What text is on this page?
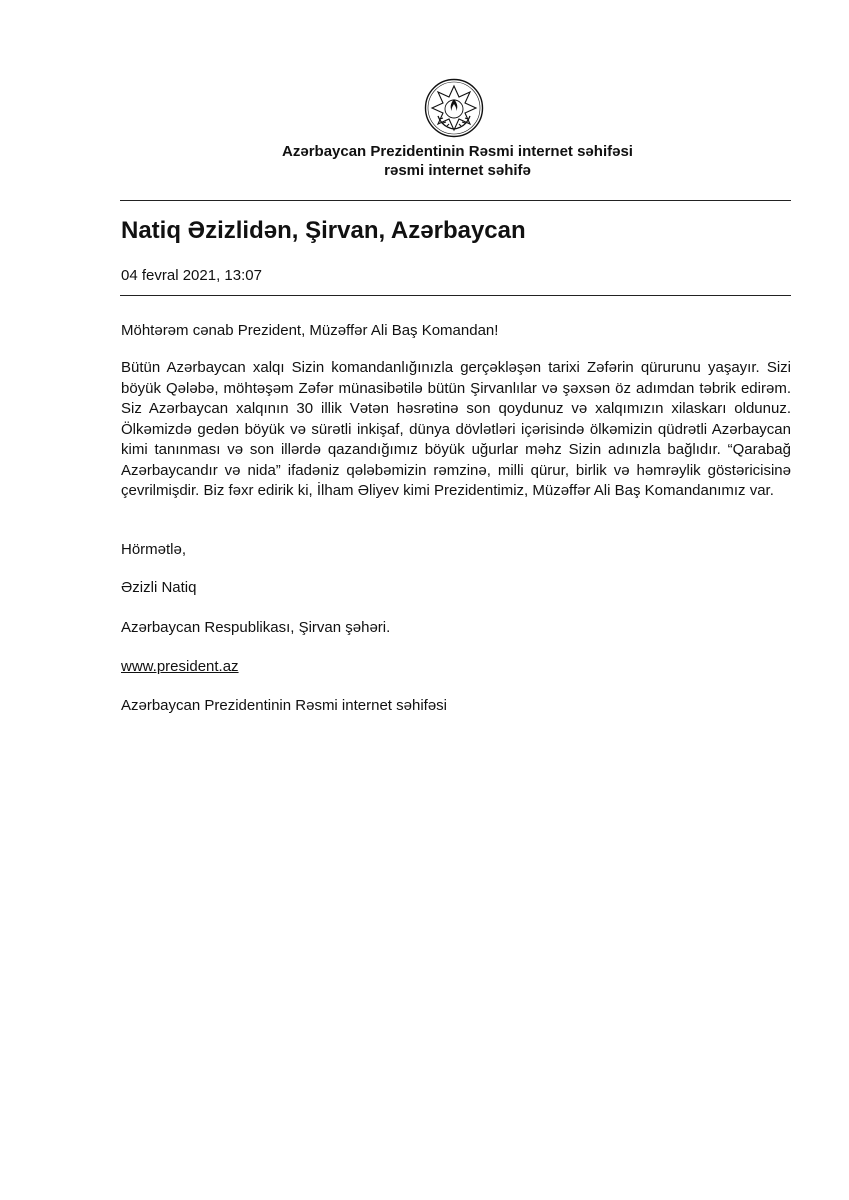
Azərbaycan Prezidentinin Rəsmi internet səhifəsi
rəsmi internet səhifə
Natiq Əzizlidən, Şirvan, Azərbaycan
04 fevral 2021, 13:07
Möhtərəm cənab Prezident, Müzəffər Ali Baş Komandan!
Bütün Azərbaycan xalqı Sizin komandanlığınızla gerçəkləşən tarixi Zəfərin qürurunu yaşayır. Sizi böyük Qələbə, möhtəşəm Zəfər münasibətilə bütün Şirvanlılar və şəxsən öz adımdan təbrik edirəm. Siz Azərbaycan xalqının 30 illik Vətən həsrətinə son qoydunuz və xalqımızın xilaskarı oldunuz. Ölkəmizdə gedən böyük və sürətli inkişaf, dünya dövlətləri içərisində ölkəmizin qüdrətli Azərbaycan kimi tanınması və son illərdə qazandığımız böyük uğurlar məhz Sizin adınızla bağlıdır. “Qarabağ Azərbaycandır və nida” ifadəniz qələbəmizin rəmzinə, milli qürur, birlik və həmrəylik göstəricisinə çevrilmişdir. Biz fəxr edirik ki, İlham Əliyev kimi Prezidentimiz, Müzəffər Ali Baş Komandanımız var.
Hörmətlə,
Əzizli Natiq
Azərbaycan Respublikası, Şirvan şəhəri.
www.president.az
Azərbaycan Prezidentinin Rəsmi internet səhifəsi
